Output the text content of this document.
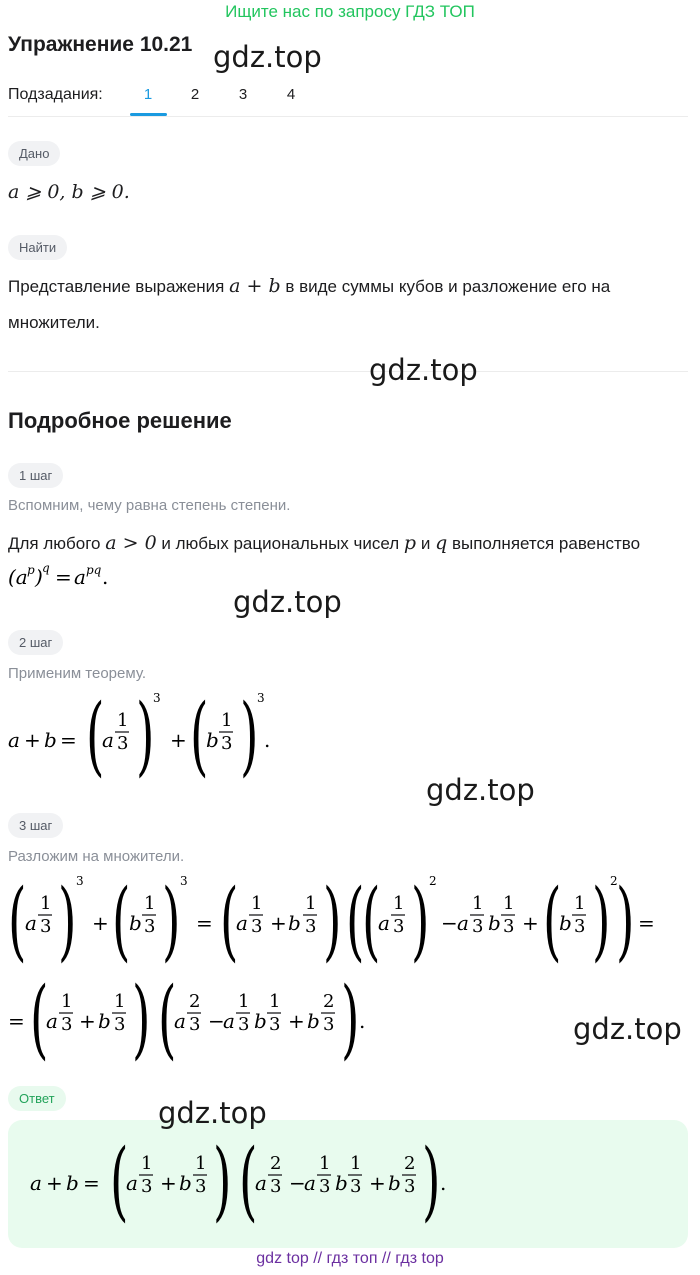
Ищите нас по запросу ГДЗ ТОП
Упражнение 10.21 gdz.top
Подзадания:	1	2	3	4
Дано
a ⩾ 0, b ⩾ 0.
Найти
Представление выражения a + b в виде суммы кубов и разложение его на
множители.
gdz.top
Подробное решение
1 шаг
Вспомним, чему равна степень степени.
Для любого a > 0 и любых рациональных чисел p и q выполняется равенство
(a p ) q = a pq .
gdz.top
2 шаг
Применим теорему.
a + b = (
a
1
3 )
3
+ (
b
1
3 )
3
.
gdz.top
3 шаг
Разложим на множители.
(
a
1
3 ) 3
+ (
b
1
3 ) 3
= (
a
1
3 + b
1
3 ) (
(
a
1
3 ) 2
− a
1
3 b
1
3 + (
b
1
3 ) 2
) =
= (
a
1
3 + b
1
3 ) (
a
2
3 −
a
1
3 b
1
3 + b
2
3 ) .	gdz.top
Ответ	gdz.top
a + b = (
a
1
3 + b
1
3 ) (
a
2
3 −
a
1
3 b
1
3 + b
2
3 ) .
gdz top // гдз топ // гдз top
